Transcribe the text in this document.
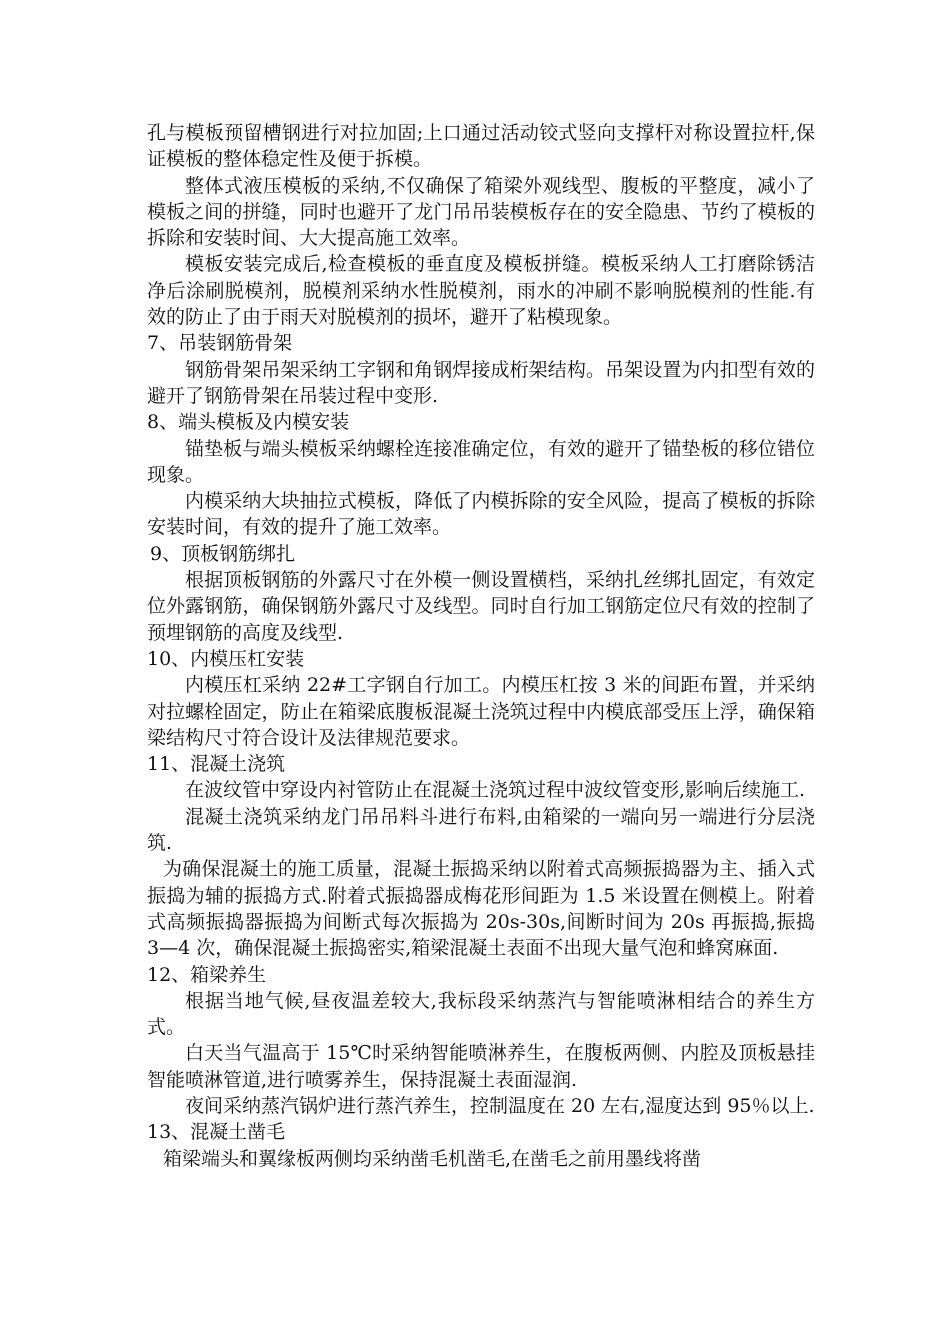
孔与模板预留槽钢进行对拉加固;上口通过活动铰式竖向支撑杆对称设置拉杆,保证模板的整体稳定性及便于拆模。

整体式液压模板的采纳,不仅确保了箱梁外观线型、腹板的平整度，减小了模板之间的拼缝，同时也避开了龙门吊吊装模板存在的安全隐患、节约了模板的拆除和安装时间、大大提高施工效率。

模板安装完成后,检查模板的垂直度及模板拼缝。模板采纳人工打磨除锈洁净后涂刷脱模剂，脱模剂采纳水性脱模剂，雨水的冲刷不影响脱模剂的性能.有效的防止了由于雨天对脱模剂的损坏，避开了粘模现象。

7、吊装钢筋骨架

钢筋骨架吊架采纳工字钢和角钢焊接成桁架结构。吊架设置为内扣型有效的避开了钢筋骨架在吊装过程中变形.

8、端头模板及内模安装

锚垫板与端头模板采纳螺栓连接准确定位，有效的避开了锚垫板的移位错位现象。

内模采纳大块抽拉式模板，降低了内模拆除的安全风险，提高了模板的拆除安装时间，有效的提升了施工效率。

9、顶板钢筋绑扎

根据顶板钢筋的外露尺寸在外模一侧设置横档，采纳扎丝绑扎固定，有效定位外露钢筋，确保钢筋外露尺寸及线型。同时自行加工钢筋定位尺有效的控制了预埋钢筋的高度及线型.

10、内模压杠安装

内模压杠采纳 22#工字钢自行加工。内模压杠按 3 米的间距布置，并采纳对拉螺栓固定，防止在箱梁底腹板混凝土浇筑过程中内模底部受压上浮，确保箱梁结构尺寸符合设计及法律规范要求。

11、混凝土浇筑

在波纹管中穿设内衬管防止在混凝土浇筑过程中波纹管变形,影响后续施工.

混凝土浇筑采纳龙门吊吊料斗进行布料,由箱梁的一端向另一端进行分层浇筑.

为确保混凝土的施工质量，混凝土振捣采纳以附着式高频振捣器为主、插入式振捣为辅的振捣方式.附着式振捣器成梅花形间距为 1.5 米设置在侧模上。附着式高频振捣器振捣为间断式每次振捣为 20s-30s,间断时间为 20s 再振捣,振捣 3—4 次，确保混凝土振捣密实,箱梁混凝土表面不出现大量气泡和蜂窝麻面.

12、箱梁养生

根据当地气候,昼夜温差较大,我标段采纳蒸汽与智能喷淋相结合的养生方式。

白天当气温高于 15℃时采纳智能喷淋养生，在腹板两侧、内腔及顶板悬挂智能喷淋管道,进行喷雾养生，保持混凝土表面湿润.

夜间采纳蒸汽锅炉进行蒸汽养生，控制温度在 20 左右,湿度达到 95％以上.

13、混凝土凿毛

箱梁端头和翼缘板两侧均采纳凿毛机凿毛,在凿毛之前用墨线将凿
